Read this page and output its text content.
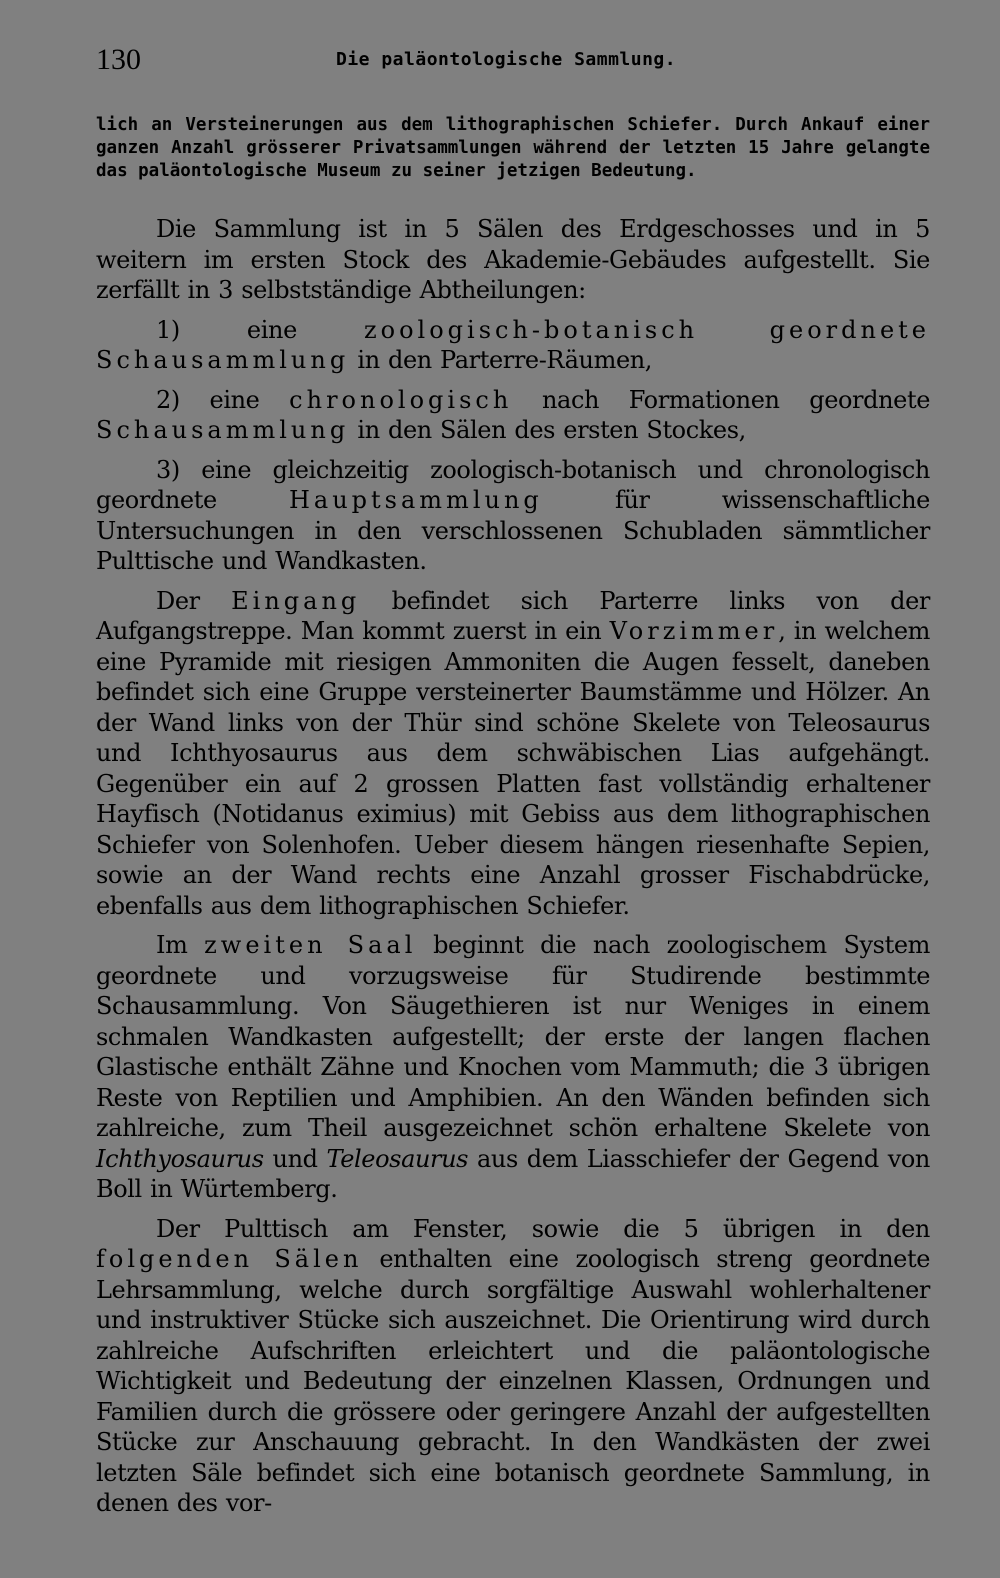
130	Die paläontologische Sammlung.
lich an Versteinerungen aus dem lithographischen Schiefer. Durch Ankauf einer ganzen Anzahl grösserer Privatsammlungen während der letzten 15 Jahre gelangte das paläontologische Museum zu seiner jetzigen Bedeutung.

Die Sammlung ist in 5 Sälen des Erdgeschosses und in 5 weitern im ersten Stock des Akademie-Gebäudes aufgestellt. Sie zerfällt in 3 selbstständige Abtheilungen:

1) eine zoologisch-botanisch geordnete Schausammlung in den Parterre-Räumen,

2) eine chronologisch nach Formationen geordnete Schausammlung in den Sälen des ersten Stockes,

3) eine gleichzeitig zoologisch-botanisch und chronologisch geordnete Hauptsammlung für wissenschaftliche Untersuchungen in den verschlossenen Schubladen sämmtlicher Pulttische und Wandkasten.

Der Eingang befindet sich Parterre links von der Aufgangstreppe. Man kommt zuerst in ein Vorzimmer, in welchem eine Pyramide mit riesigen Ammoniten die Augen fesselt, daneben befindet sich eine Gruppe versteinerter Baumstämme und Hölzer. An der Wand links von der Thür sind schöne Skelete von Teleosaurus und Ichthyosaurus aus dem schwäbischen Lias aufgehängt. Gegenüber ein auf 2 grossen Platten fast vollständig erhaltener Hayfisch (Notidanus eximius) mit Gebiss aus dem lithographischen Schiefer von Solenhofen. Ueber diesem hängen riesenhafte Sepien, sowie an der Wand rechts eine Anzahl grosser Fischabdrücke, ebenfalls aus dem lithographischen Schiefer.

Im zweiten Saal beginnt die nach zoologischem System geordnete und vorzugsweise für Studirende bestimmte Schausammlung. Von Säugethieren ist nur Weniges in einem schmalen Wandkasten aufgestellt; der erste der langen flachen Glastische enthält Zähne und Knochen vom Mammuth; die 3 übrigen Reste von Reptilien und Amphibien. An den Wänden befinden sich zahlreiche, zum Theil ausgezeichnet schön erhaltene Skelete von Ichthyosaurus und Teleosaurus aus dem Liasschiefer der Gegend von Boll in Würtemberg.

Der Pulttisch am Fenster, sowie die 5 übrigen in den folgenden Sälen enthalten eine zoologisch streng geordnete Lehrsammlung, welche durch sorgfältige Auswahl wohlerhaltener und instruktiver Stücke sich auszeichnet. Die Orientirung wird durch zahlreiche Aufschriften erleichtert und die paläontologische Wichtigkeit und Bedeutung der einzelnen Klassen, Ordnungen und Familien durch die grössere oder geringere Anzahl der aufgestellten Stücke zur Anschauung gebracht. In den Wandkästen der zwei letzten Säle befindet sich eine botanisch geordnete Sammlung, in denen des vor-
